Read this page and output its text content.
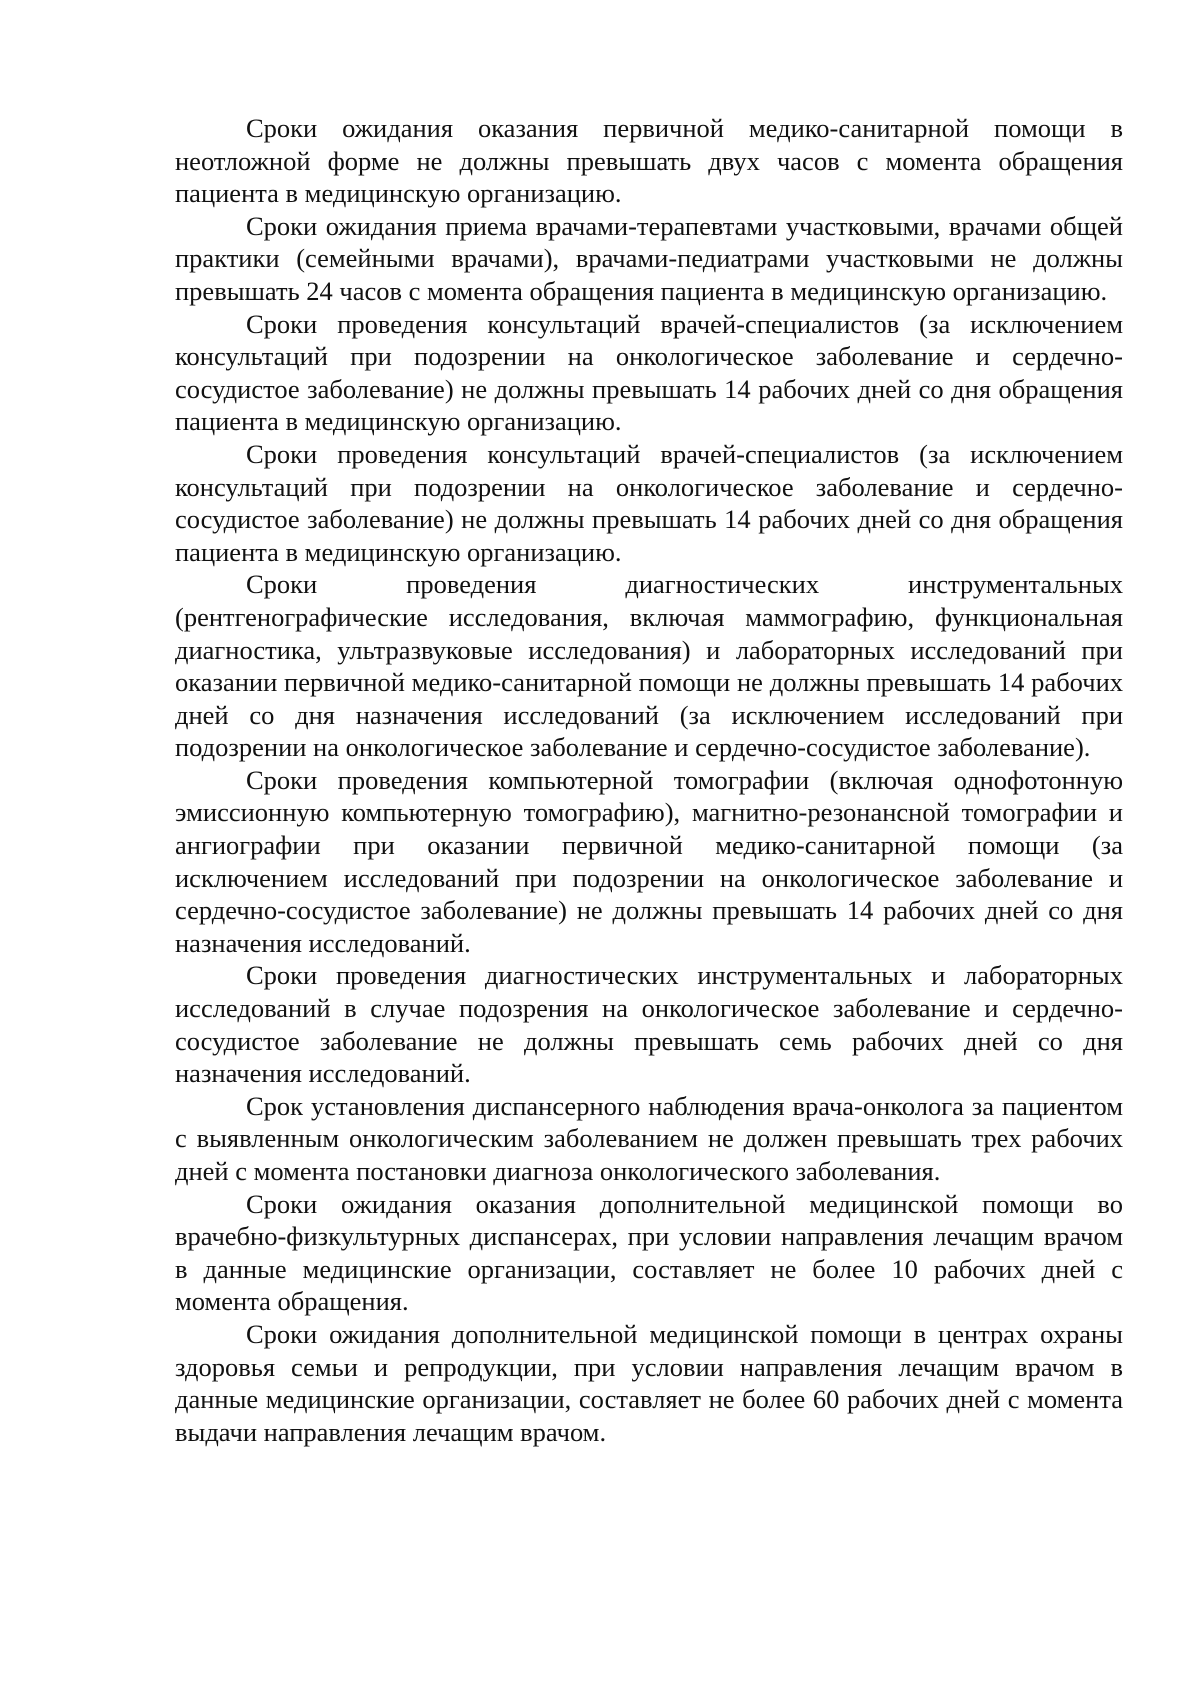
Сроки ожидания оказания первичной медико-санитарной помощи в неотложной форме не должны превышать двух часов с момента обращения пациента в медицинскую организацию.

Сроки ожидания приема врачами-терапевтами участковыми, врачами общей практики (семейными врачами), врачами-педиатрами участковыми не должны превышать 24 часов с момента обращения пациента в медицинскую организацию.

Сроки проведения консультаций врачей-специалистов (за исключением консультаций при подозрении на онкологическое заболевание и сердечно-сосудистое заболевание) не должны превышать 14 рабочих дней со дня обращения пациента в медицинскую организацию.

Сроки проведения консультаций врачей-специалистов (за исключением консультаций при подозрении на онкологическое заболевание и сердечно-сосудистое заболевание) не должны превышать 14 рабочих дней со дня обращения пациента в медицинскую организацию.

Сроки проведения диагностических инструментальных (рентгенографические исследования, включая маммографию, функциональная диагностика, ультразвуковые исследования) и лабораторных исследований при оказании первичной медико-санитарной помощи не должны превышать 14 рабочих дней со дня назначения исследований (за исключением исследований при подозрении на онкологическое заболевание и сердечно-сосудистое заболевание).

Сроки проведения компьютерной томографии (включая однофотонную эмиссионную компьютерную томографию), магнитно-резонансной томографии и ангиографии при оказании первичной медико-санитарной помощи (за исключением исследований при подозрении на онкологическое заболевание и сердечно-сосудистое заболевание) не должны превышать 14 рабочих дней со дня назначения исследований.

Сроки проведения диагностических инструментальных и лабораторных исследований в случае подозрения на онкологическое заболевание и сердечно-сосудистое заболевание не должны превышать семь рабочих дней со дня назначения исследований.

Срок установления диспансерного наблюдения врача-онколога за пациентом с выявленным онкологическим заболеванием не должен превышать трех рабочих дней с момента постановки диагноза онкологического заболевания.

Сроки ожидания оказания дополнительной медицинской помощи во врачебно-физкультурных диспансерах, при условии направления лечащим врачом в данные медицинские организации, составляет не более 10 рабочих дней с момента обращения.

Сроки ожидания дополнительной медицинской помощи в центрах охраны здоровья семьи и репродукции, при условии направления лечащим врачом в данные медицинские организации, составляет не более 60 рабочих дней с момента выдачи направления лечащим врачом.
